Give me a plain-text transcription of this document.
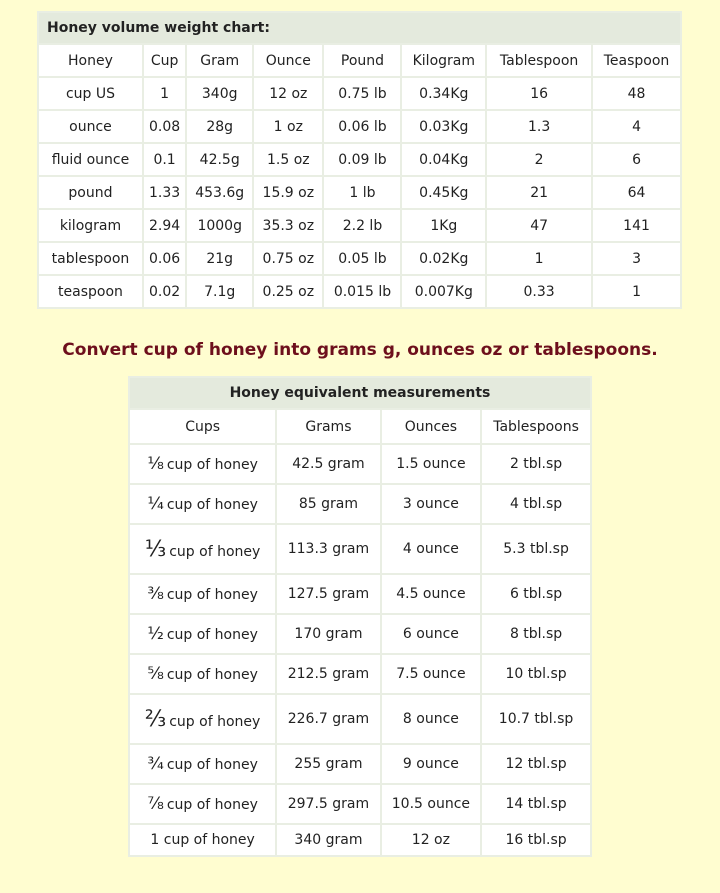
Honey volume weight chart:							
Honey	Cup	Gram	Ounce	Pound	Kilogram	Tablespoon	Teaspoon
cup US	1	340g	12 oz	0.75 lb	0.34Kg	16	48
ounce	0.08	28g	1 oz	0.06 lb	0.03Kg	1.3	4
fluid ounce	0.1	42.5g	1.5 oz	0.09 lb	0.04Kg	2	6
pound	1.33	453.6g	15.9 oz	1 lb	0.45Kg	21	64
kilogram	2.94	1000g	35.3 oz	2.2 lb	1Kg	47	141
tablespoon	0.06	21g	0.75 oz	0.05 lb	0.02Kg	1	3
teaspoon	0.02	7.1g	0.25 oz	0.015 lb	0.007Kg	0.33	1
Convert cup of honey into grams g, ounces oz or tablespoons.
Honey equivalent measurements			
Cups	Grams	Ounces	Tablespoons
⅛ cup of honey	42.5 gram	1.5 ounce	2 tbl.sp
¼ cup of honey	85 gram	3 ounce	4 tbl.sp
⅓ cup of honey	113.3 gram	4 ounce	5.3 tbl.sp
⅜ cup of honey	127.5 gram	4.5 ounce	6 tbl.sp
½ cup of honey	170 gram	6 ounce	8 tbl.sp
⅝ cup of honey	212.5 gram	7.5 ounce	10 tbl.sp
⅔ cup of honey	226.7 gram	8 ounce	10.7 tbl.sp
¾ cup of honey	255 gram	9 ounce	12 tbl.sp
⅞ cup of honey	297.5 gram	10.5 ounce	14 tbl.sp
1 cup of honey	340 gram	12 oz	16 tbl.sp
